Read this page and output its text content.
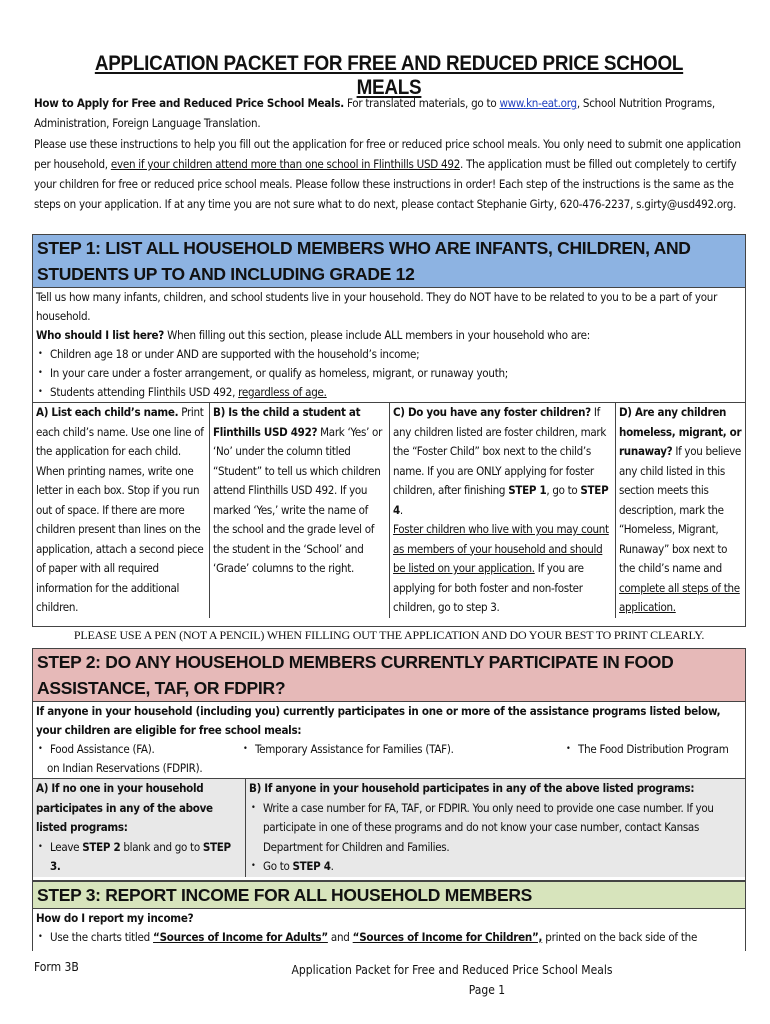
APPLICATION PACKET FOR FREE AND REDUCED PRICE SCHOOL MEALS
How to Apply for Free and Reduced Price School Meals. For translated materials, go to www.kn-eat.org, School Nutrition Programs, Administration, Foreign Language Translation.
Please use these instructions to help you fill out the application for free or reduced price school meals. You only need to submit one application per household, even if your children attend more than one school in Flinthills USD 492. The application must be filled out completely to certify your children for free or reduced price school meals. Please follow these instructions in order! Each step of the instructions is the same as the steps on your application. If at any time you are not sure what to do next, please contact Stephanie Girty, 620-476-2237, s.girty@usd492.org.
STEP 1: LIST ALL HOUSEHOLD MEMBERS WHO ARE INFANTS, CHILDREN, AND STUDENTS UP TO AND INCLUDING GRADE 12
Tell us how many infants, children, and school students live in your household. They do NOT have to be related to you to be a part of your household.
Who should I list here? When filling out this section, please include ALL members in your household who are:
• Children age 18 or under AND are supported with the household’s income;
• In your care under a foster arrangement, or qualify as homeless, migrant, or runaway youth;
• Students attending Flinthils USD 492, regardless of age.
A) List each child’s name. Print each child’s name. Use one line of the application for each child. When printing names, write one letter in each box. Stop if you run out of space. If there are more children present than lines on the application, attach a second piece of paper with all required information for the additional children.
B) Is the child a student at Flinthills USD 492? Mark ‘Yes’ or ‘No’ under the column titled “Student” to tell us which children attend Flinthills USD 492. If you marked ‘Yes,’ write the name of the school and the grade level of the student in the ‘School’ and ‘Grade’ columns to the right.
C) Do you have any foster children? If any children listed are foster children, mark the “Foster Child” box next to the child’s name. If you are ONLY applying for foster children, after finishing STEP 1, go to STEP 4.
Foster children who live with you may count as members of your household and should be listed on your application. If you are applying for both foster and non-foster children, go to step 3.
D) Are any children homeless, migrant, or runaway? If you believe any child listed in this section meets this description, mark the “Homeless, Migrant, Runaway” box next to the child’s name and complete all steps of the application.
PLEASE USE A PEN (NOT A PENCIL) WHEN FILLING OUT THE APPLICATION AND DO YOUR BEST TO PRINT CLEARLY.
STEP 2: DO ANY HOUSEHOLD MEMBERS CURRENTLY PARTICIPATE IN FOOD ASSISTANCE, TAF, OR FDPIR?
If anyone in your household (including you) currently participates in one or more of the assistance programs listed below, your children are eligible for free school meals:
• Food Assistance (FA).	• Temporary Assistance for Families (TAF).	• The Food Distribution Program
on Indian Reservations (FDPIR).
A) If no one in your household participates in any of the above listed programs:
• Leave STEP 2 blank and go to STEP 3.
B) If anyone in your household participates in any of the above listed programs:
• Write a case number for FA, TAF, or FDPIR. You only need to provide one case number. If you participate in one of these programs and do not know your case number, contact Kansas Department for Children and Families.
• Go to STEP 4.
STEP 3: REPORT INCOME FOR ALL HOUSEHOLD MEMBERS
How do I report my income?
• Use the charts titled “Sources of Income for Adults” and “Sources of Income for Children”, printed on the back side of the
Form 3B	Application Packet for Free and Reduced Price School Meals
Page 1
